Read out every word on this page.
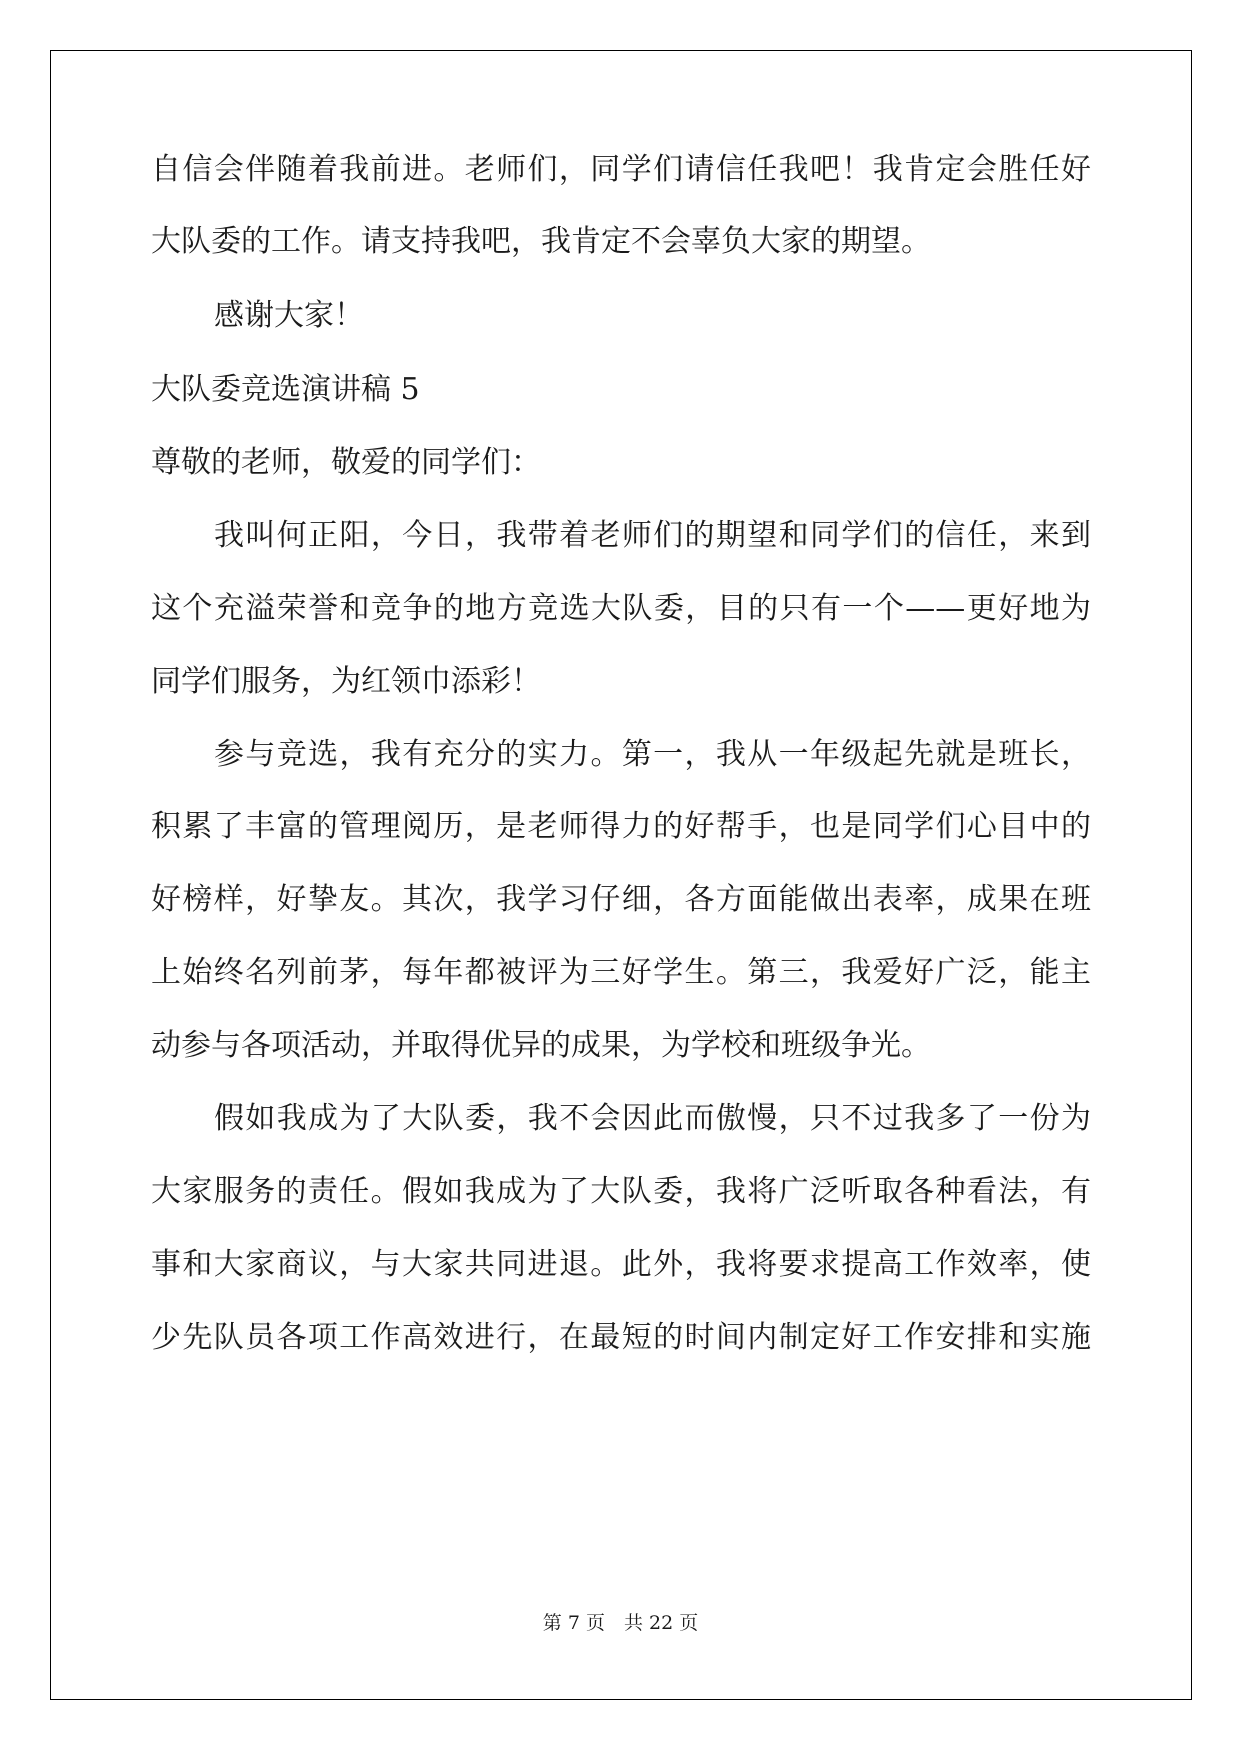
自信会伴随着我前进。老师们，同学们请信任我吧！我肯定会胜任好
大队委的工作。请支持我吧，我肯定不会辜负大家的期望。
感谢大家！
大队委竞选演讲稿 5
尊敬的老师，敬爱的同学们：
我叫何正阳，今日，我带着老师们的期望和同学们的信任，来到
这个充溢荣誉和竞争的地方竞选大队委，目的只有一个——更好地为
同学们服务，为红领巾添彩！
参与竞选，我有充分的实力。第一，我从一年级起先就是班长，
积累了丰富的管理阅历，是老师得力的好帮手，也是同学们心目中的
好榜样，好挚友。其次，我学习仔细，各方面能做出表率，成果在班
上始终名列前茅，每年都被评为三好学生。第三，我爱好广泛，能主
动参与各项活动，并取得优异的成果，为学校和班级争光。
假如我成为了大队委，我不会因此而傲慢，只不过我多了一份为
大家服务的责任。假如我成为了大队委，我将广泛听取各种看法，有
事和大家商议，与大家共同进退。此外，我将要求提高工作效率，使
少先队员各项工作高效进行，在最短的时间内制定好工作安排和实施
第 7 页　共 22 页
